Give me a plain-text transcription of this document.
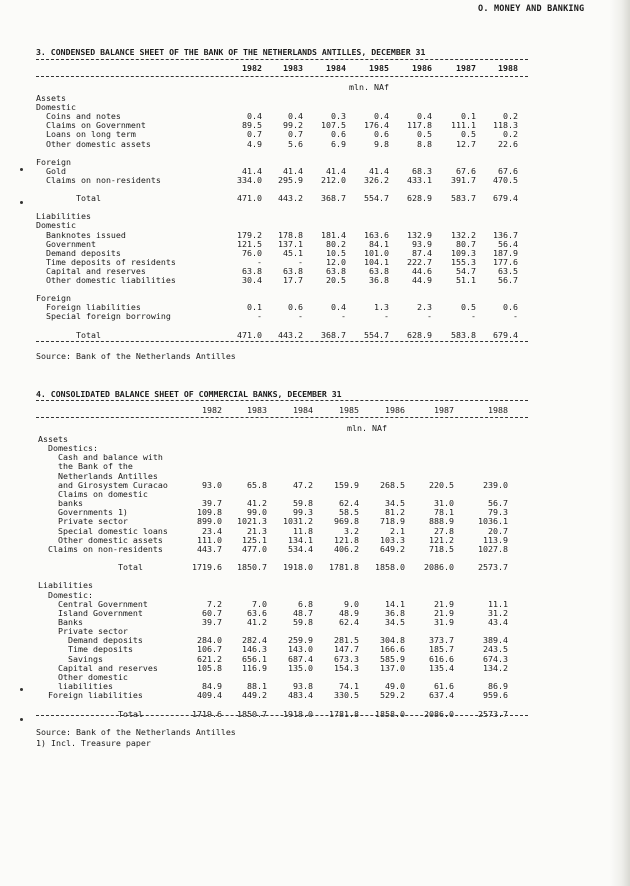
O. MONEY AND BANKING
3. CONDENSED BALANCE SHEET OF THE BANK OF THE NETHERLANDS ANTILLES, DECEMBER 31
1982	1983	1984	1985	1986	1987	1988
mln. NAf
Assets
Domestic
Coins and notes	0.4	0.4	0.3	0.4	0.4	0.1	0.2
Claims on Government	89.5	99.2	107.5	176.4	117.8	111.1	118.3
Loans on long term	0.7	0.7	0.6	0.6	0.5	0.5	0.2
Other domestic assets	4.9	5.6	6.9	9.8	8.8	12.7	22.6
Foreign
Gold	41.4	41.4	41.4	41.4	68.3	67.6	67.6
Claims on non-residents	334.0	295.9	212.0	326.2	433.1	391.7	470.5
Total	471.0	443.2	368.7	554.7	628.9	583.7	679.4
Liabilities
Domestic
Banknotes issued	179.2	178.8	181.4	163.6	132.9	132.2	136.7
Government	121.5	137.1	80.2	84.1	93.9	80.7	56.4
Demand deposits	76.0	45.1	10.5	101.0	87.4	109.3	187.9
Time deposits of residents	-	-	12.0	104.1	222.7	155.3	177.6
Capital and reserves	63.8	63.8	63.8	63.8	44.6	54.7	63.5
Other domestic liabilities	30.4	17.7	20.5	36.8	44.9	51.1	56.7
Foreign
Foreign liabilities	0.1	0.6	0.4	1.3	2.3	0.5	0.6
Special foreign borrowing	-	-	-	-	-	-	-
Total	471.0	443.2	368.7	554.7	628.9	583.8	679.4
Source: Bank of the Netherlands Antilles
4. CONSOLIDATED BALANCE SHEET OF COMMERCIAL BANKS, DECEMBER 31
1982	1983	1984	1985	1986	1987	1988
mln. NAf
Assets
Domestics:
Cash and balance with
the Bank of the
Netherlands Antilles
and Girosystem Curacao	93.0	65.8	47.2	159.9	268.5	220.5	239.0
Claims on domestic
banks	39.7	41.2	59.8	62.4	34.5	31.0	56.7
Governments 1)	109.8	99.0	99.3	58.5	81.2	78.1	79.3
Private sector	899.0	1021.3	1031.2	969.8	718.9	888.9	1036.1
Special domestic loans	23.4	21.3	11.8	3.2	2.1	27.8	20.7
Other domestic assets	111.0	125.1	134.1	121.8	103.3	121.2	113.9
Claims on non-residents	443.7	477.0	534.4	406.2	649.2	718.5	1027.8
Total	1719.6	1850.7	1918.0	1781.8	1858.0	2086.0	2573.7
Liabilities
Domestic:
Central Government	7.2	7.0	6.8	9.0	14.1	21.9	11.1
Island Government	60.7	63.6	48.7	48.9	36.8	21.9	31.2
Banks	39.7	41.2	59.8	62.4	34.5	31.9	43.4
Private sector
Demand deposits	284.0	282.4	259.9	281.5	304.8	373.7	389.4
Time deposits	106.7	146.3	143.0	147.7	166.6	185.7	243.5
Savings	621.2	656.1	687.4	673.3	585.9	616.6	674.3
Capital and reserves	105.8	116.9	135.0	154.3	137.0	135.4	134.2
Other domestic
liabilities	84.9	88.1	93.8	74.1	49.0	61.6	86.9
Foreign liabilities	409.4	449.2	483.4	330.5	529.2	637.4	959.6
Total	1719.6	1850.7	1918.0	1781.8	1858.0	2086.0	2573.7
Source: Bank of the Netherlands Antilles
1) Incl. Treasure paper
